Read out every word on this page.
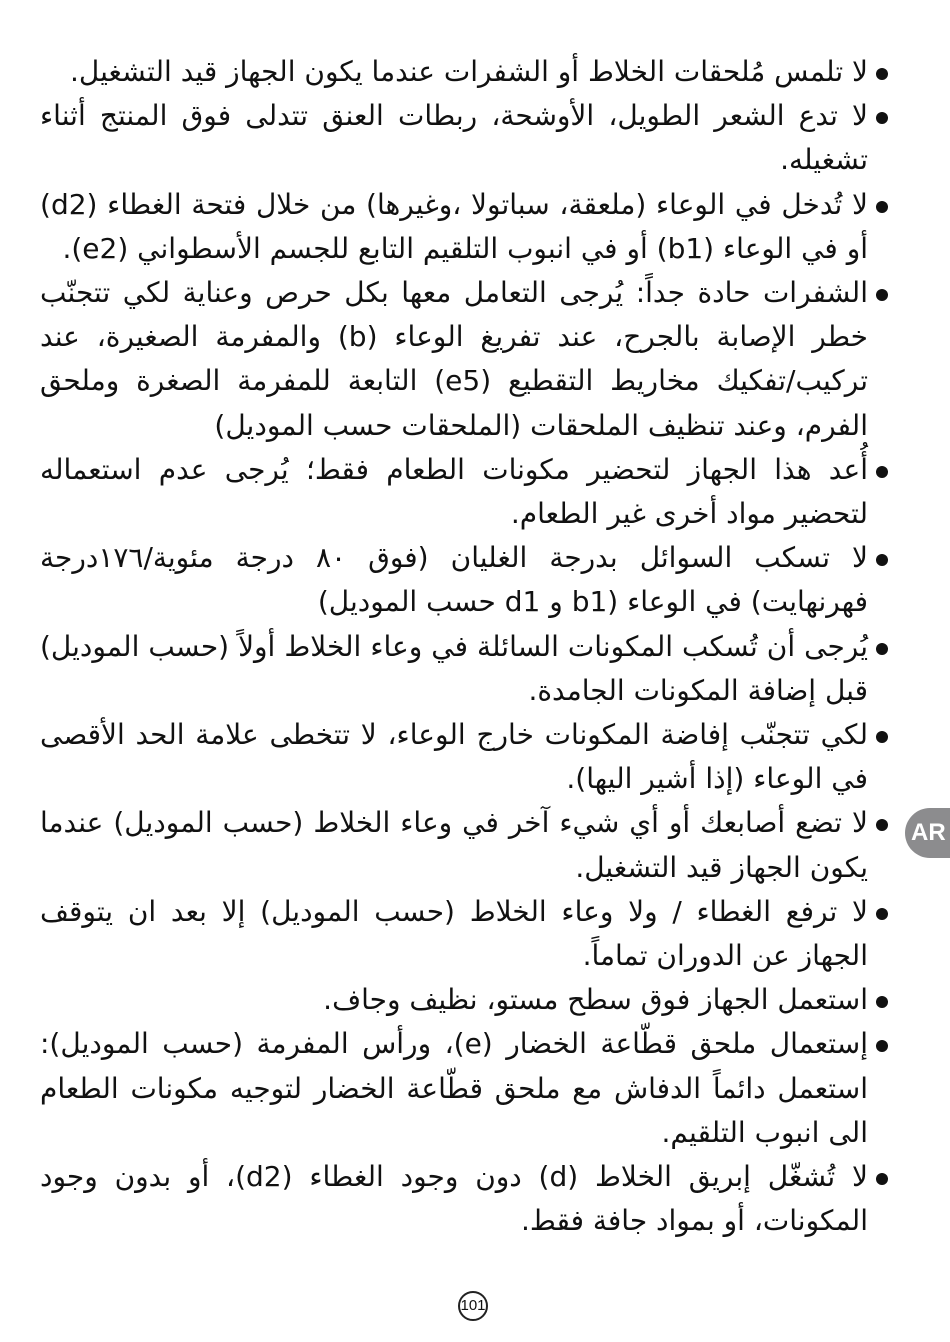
لا تلمس مُلحقات الخلاط أو الشفرات عندما يكون الجهاز قيد التشغيل.
لا تدع الشعر الطويل، الأوشحة، ربطات العنق تتدلى فوق المنتج أثناء تشغيله.
لا تُدخل في الوعاء (ملعقة، سباتولا ،وغيرها) من خلال فتحة الغطاء (d2) أو في الوعاء (b1) أو في انبوب التلقيم التابع للجسم الأسطواني (e2).
الشفرات حادة جداً: يُرجى التعامل معها بكل حرص وعناية لكي تتجنّب خطر الإصابة بالجرح، عند تفريغ الوعاء (b) والمفرمة الصغيرة، عند تركيب/تفكيك مخاريط التقطيع (e5) التابعة للمفرمة الصغرة وملحق الفرم، وعند تنظيف الملحقات (الملحقات حسب الموديل)
أُعد هذا الجهاز لتحضير مكونات الطعام فقط؛ يُرجى عدم استعماله لتحضير مواد أخرى غير الطعام.
لا تسكب السوائل بدرجة الغليان (فوق ٨٠ درجة مئوية/١٧٦درجة فهرنهايت) في الوعاء (b1 و d1 حسب الموديل)
يُرجى أن تُسكب المكونات السائلة في وعاء الخلاط أولاً (حسب الموديل) قبل إضافة المكونات الجامدة.
لكي تتجنّب إفاضة المكونات خارج الوعاء، لا تتخطى علامة الحد الأقصى في الوعاء (إذا أشير اليها).
لا تضع أصابعك أو أي شيء آخر في وعاء الخلاط (حسب الموديل) عندما يكون الجهاز قيد التشغيل.
لا ترفع الغطاء / ولا وعاء الخلاط (حسب الموديل) إلا بعد ان يتوقف الجهاز عن الدوران تماماً.
استعمل الجهاز فوق سطح مستو، نظيف وجاف.
إستعمال ملحق قطّاعة الخضار (e)، ورأس المفرمة (حسب الموديل): استعمل دائماً الدفاش مع ملحق قطّاعة الخضار لتوجيه مكونات الطعام الى انبوب التلقيم.
لا تُشغّل إبريق الخلاط (d) دون وجود الغطاء (d2)، أو بدون وجود المكونات، أو بمواد جافة فقط.
AR
101
